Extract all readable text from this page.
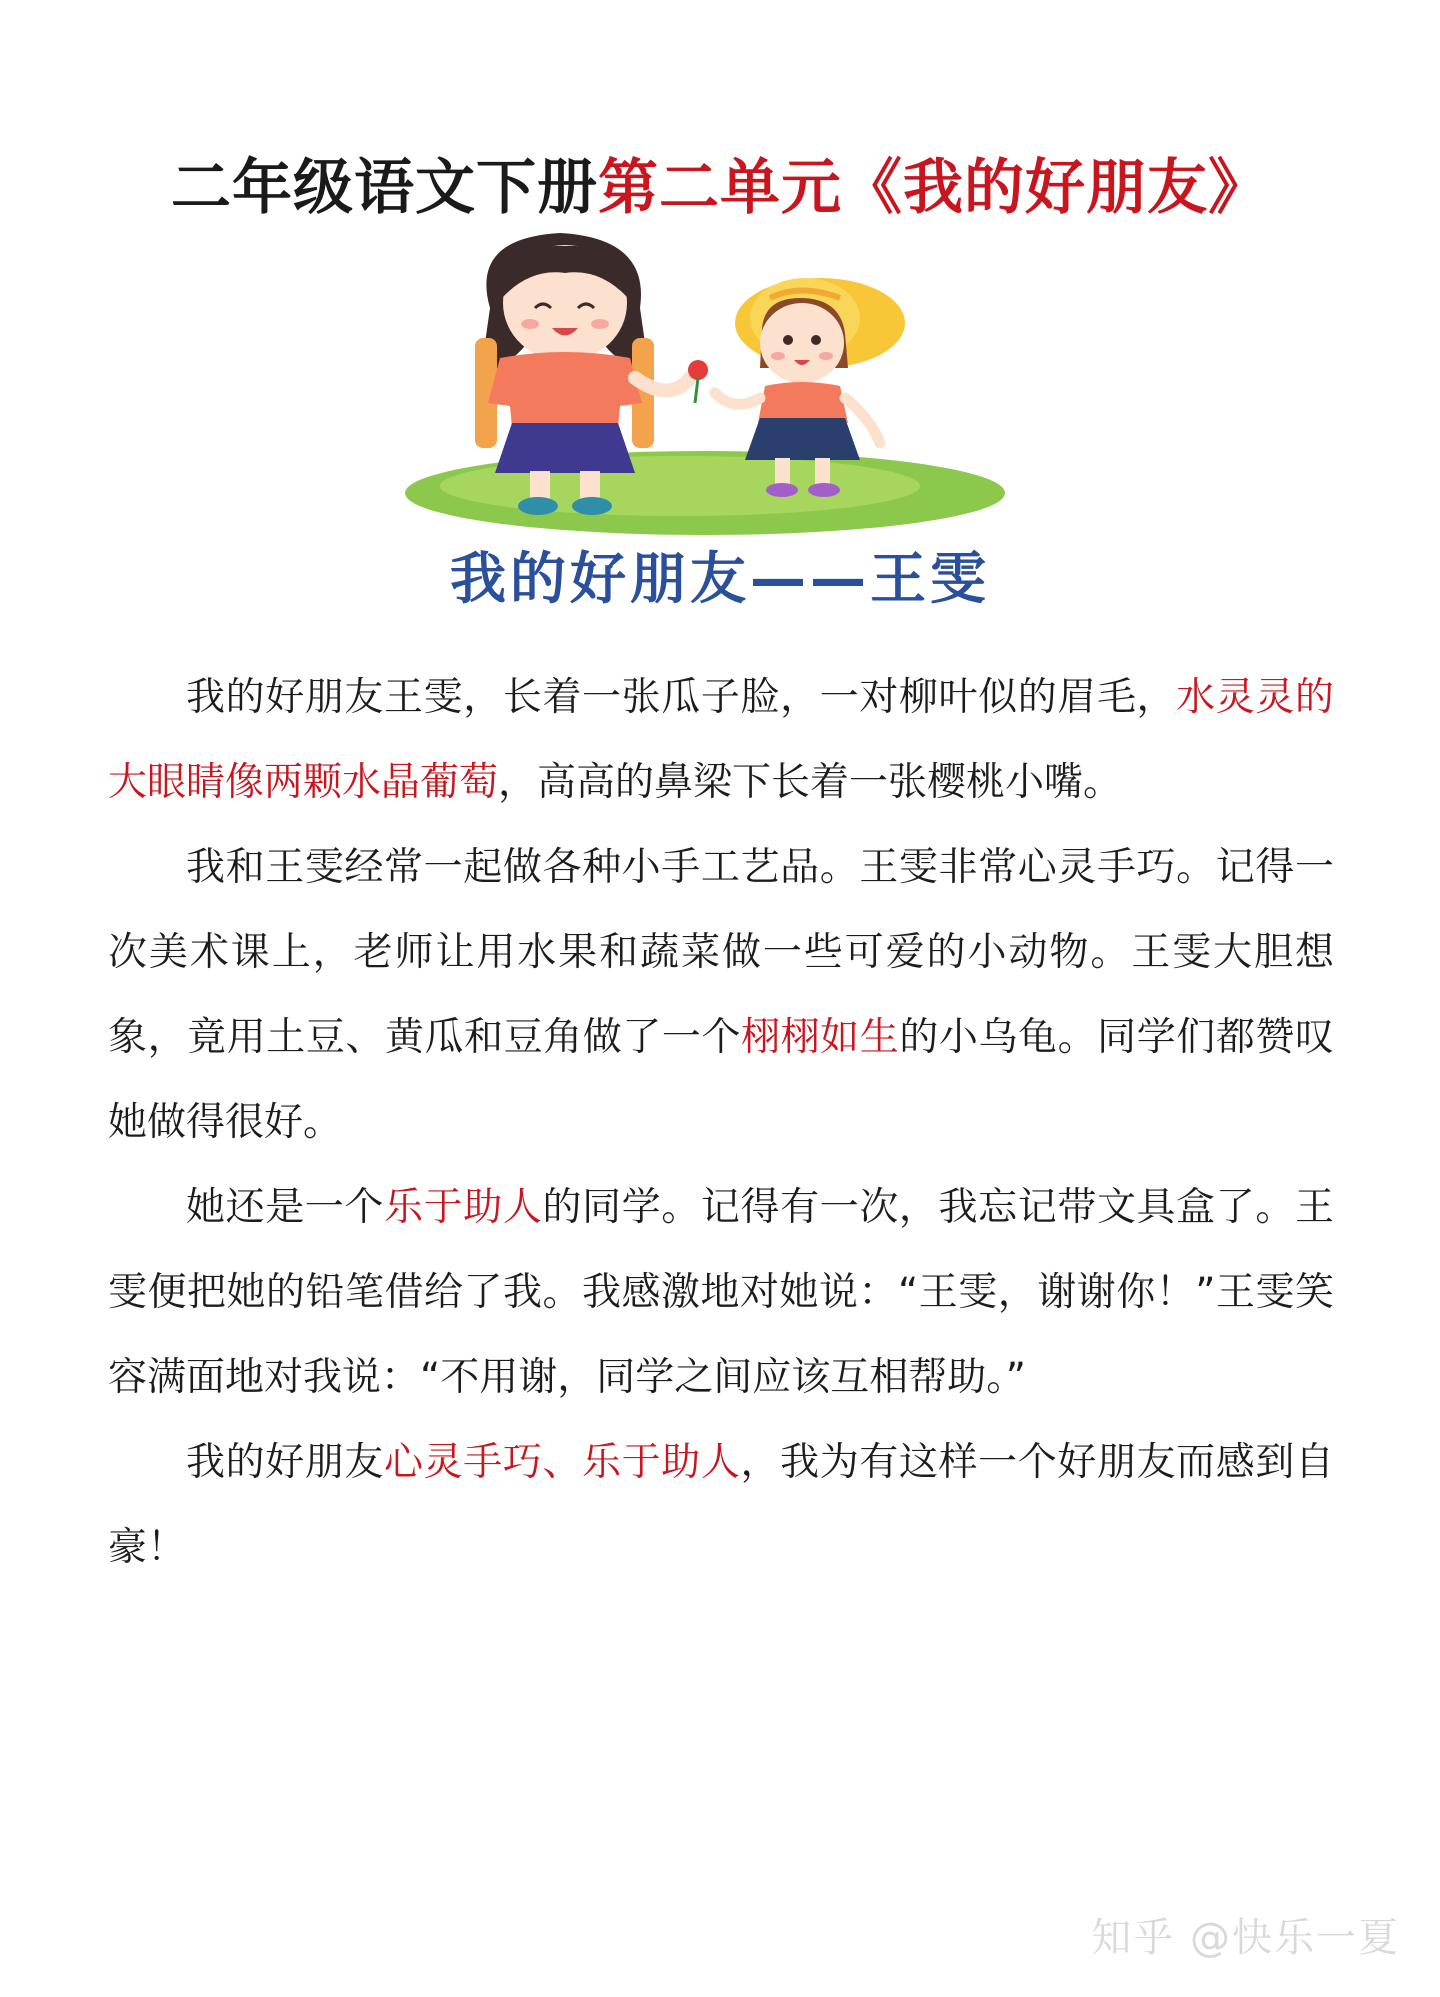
二年级语文下册第二单元《我的好朋友》
我的好朋友——王雯

我的好朋友王雯，长着一张瓜子脸，一对柳叶似的眉毛，水灵灵的大眼睛像两颗水晶葡萄，高高的鼻梁下长着一张樱桃小嘴。

我和王雯经常一起做各种小手工艺品。王雯非常心灵手巧。记得一次美术课上，老师让用水果和蔬菜做一些可爱的小动物。王雯大胆想象，竟用土豆、黄瓜和豆角做了一个栩栩如生的小乌龟。同学们都赞叹她做得很好。

她还是一个乐于助人的同学。记得有一次，我忘记带文具盒了。王雯便把她的铅笔借给了我。我感激地对她说：“王雯，谢谢你！”王雯笑容满面地对我说：“不用谢，同学之间应该互相帮助。”

我的好朋友心灵手巧、乐于助人，我为有这样一个好朋友而感到自豪！

知乎 @快乐一夏
